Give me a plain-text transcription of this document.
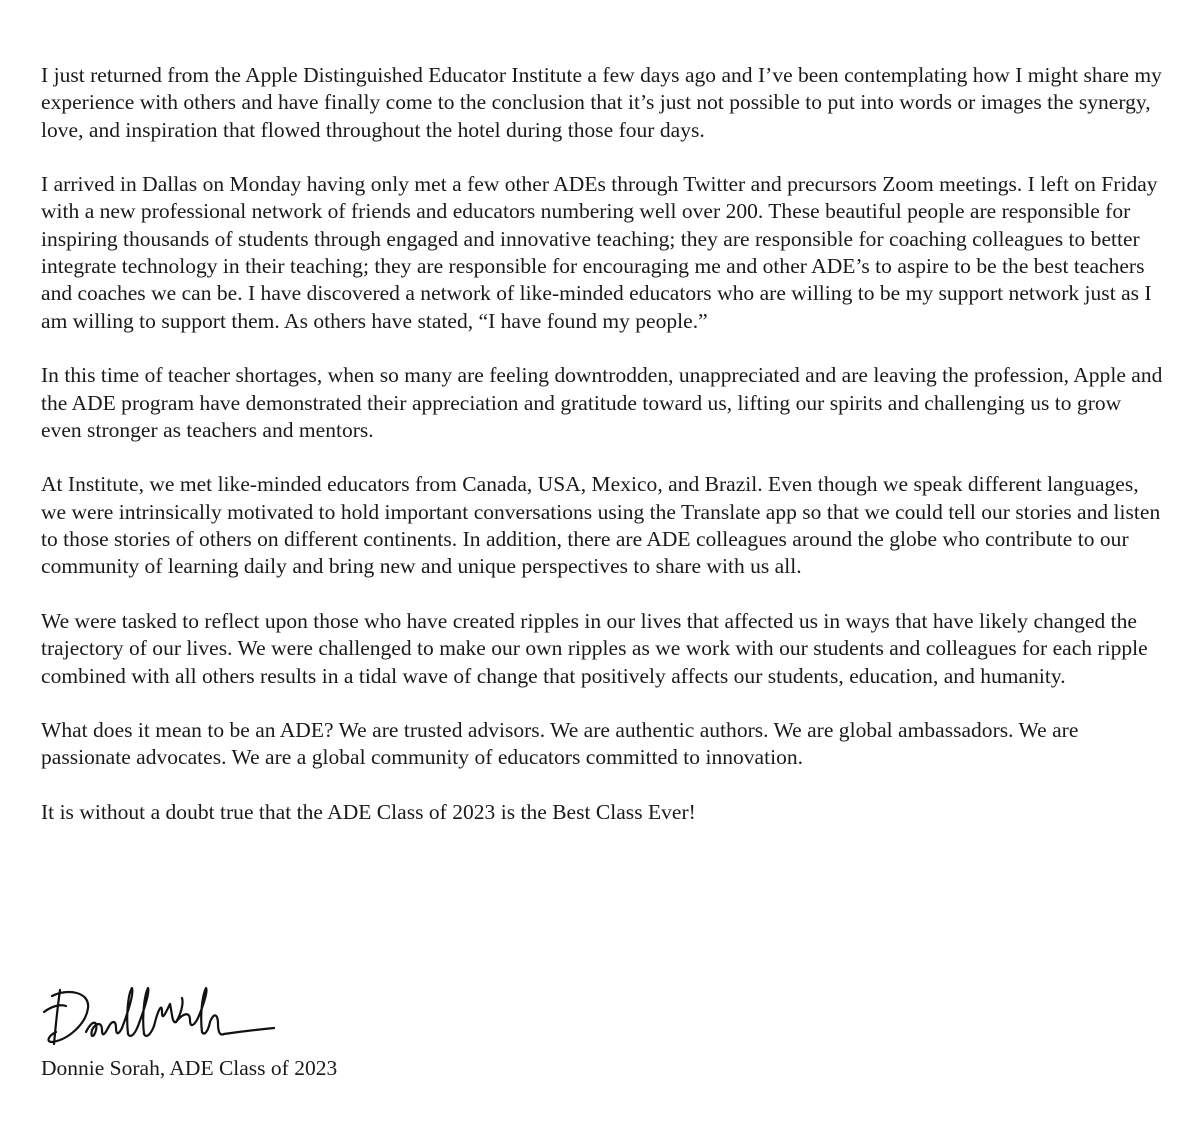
I just returned from the Apple Distinguished Educator Institute a few days ago and I’ve been contemplating how I might share my experience with others and have finally come to the conclusion that it’s just not possible to put into words or images the synergy, love, and inspiration that flowed throughout the hotel during those four days.

I arrived in Dallas on Monday having only met a few other ADEs through Twitter and precursors Zoom meetings. I left on Friday with a new professional network of friends and educators numbering well over 200. These beautiful people are responsible for inspiring thousands of students through engaged and innovative teaching; they are responsible for coaching colleagues to better integrate technology in their teaching; they are responsible for encouraging me and other ADE’s to aspire to be the best teachers and coaches we can be. I have discovered a network of like-minded educators who are willing to be my support network just as I am willing to support them. As others have stated, “I have found my people.”

In this time of teacher shortages, when so many are feeling downtrodden, unappreciated and are leaving the profession, Apple and the ADE program have demonstrated their appreciation and gratitude toward us, lifting our spirits and challenging us to grow even stronger as teachers and mentors.

At Institute, we met like-minded educators from Canada, USA, Mexico, and Brazil. Even though we speak different languages, we were intrinsically motivated to hold important conversations using the Translate app so that we could tell our stories and listen to those stories of others on different continents. In addition, there are ADE colleagues around the globe who contribute to our community of learning daily and bring new and unique perspectives to share with us all.

We were tasked to reflect upon those who have created ripples in our lives that affected us in ways that have likely changed the trajectory of our lives. We were challenged to make our own ripples as we work with our students and colleagues for each ripple combined with all others results in a tidal wave of change that positively affects our students, education, and humanity.

What does it mean to be an ADE? We are trusted advisors. We are authentic authors. We are global ambassadors. We are passionate advocates. We are a global community of educators committed to innovation.

It is without a doubt true that the ADE Class of 2023 is the Best Class Ever!

Donnie Sorah, ADE Class of 2023
